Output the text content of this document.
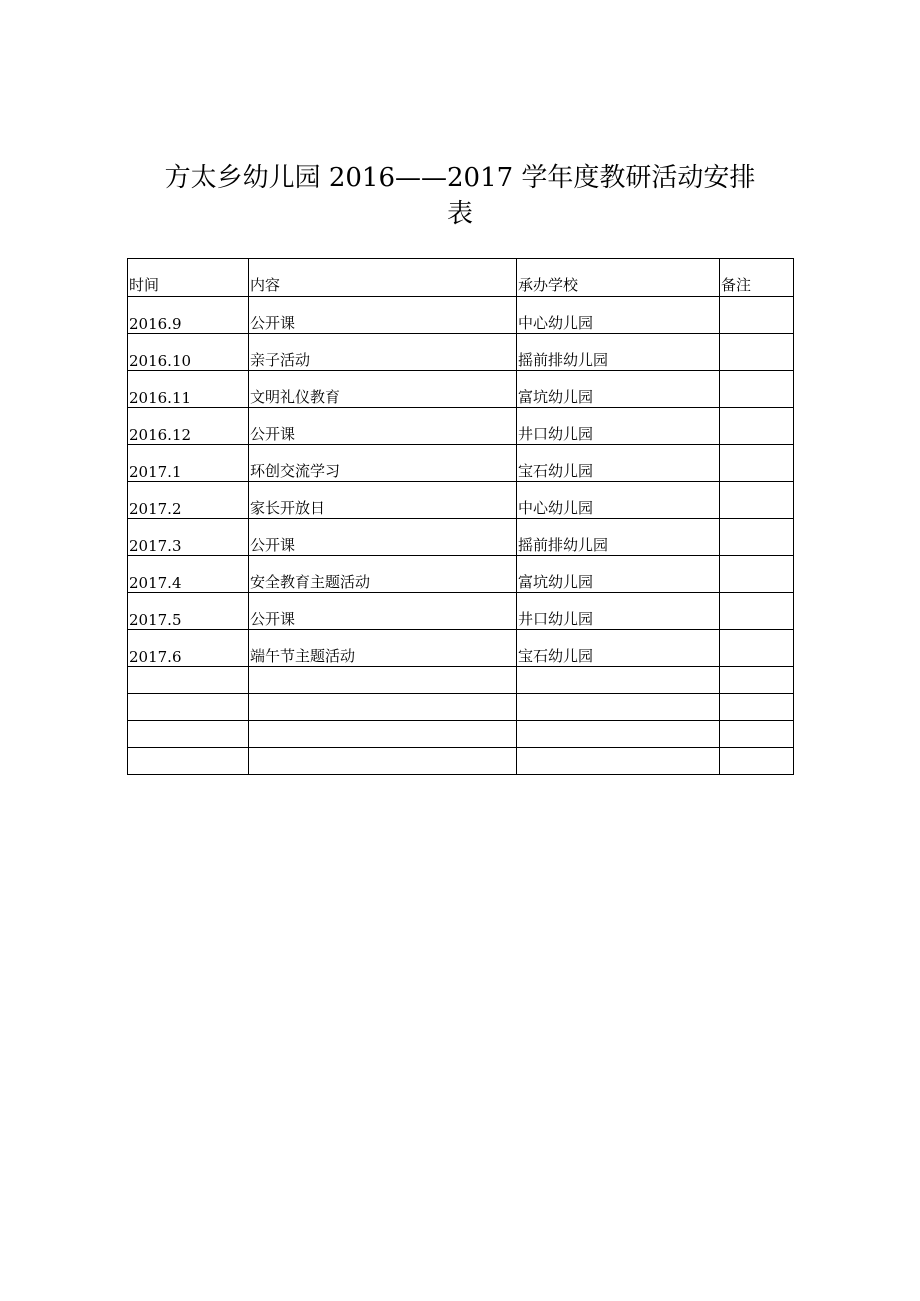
方太乡幼儿园 2016——2017 学年度教研活动安排
表
时间	内容	承办学校	备注
2016.9	公开课	中心幼儿园	
2016.10	亲子活动	摇前排幼儿园	
2016.11	文明礼仪教育	富坑幼儿园	
2016.12	公开课	井口幼儿园	
2017.1	环创交流学习	宝石幼儿园	
2017.2	家长开放日	中心幼儿园	
2017.3	公开课	摇前排幼儿园	
2017.4	安全教育主题活动	富坑幼儿园	
2017.5	公开课	井口幼儿园	
2017.6	端午节主题活动	宝石幼儿园	
